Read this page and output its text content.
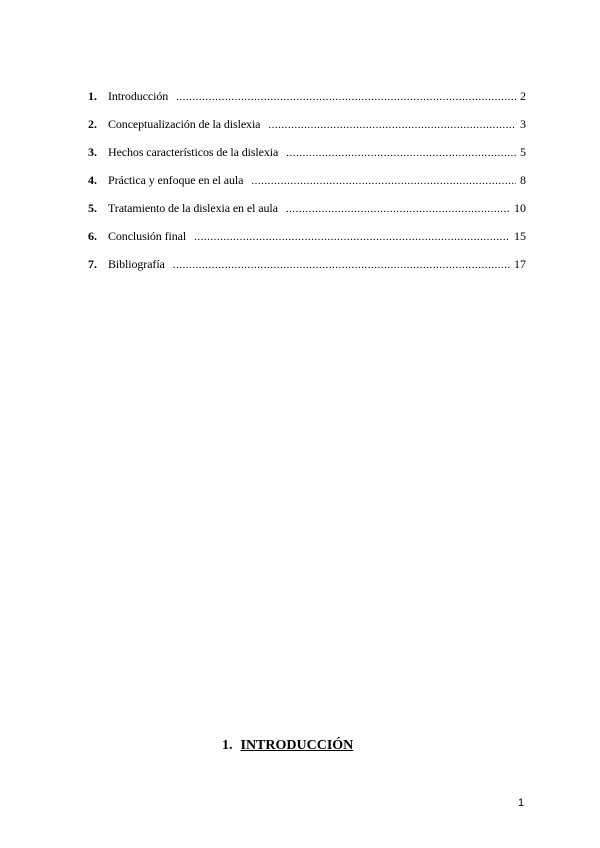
1. Introducción .....	2
2. Conceptualización de la dislexia .....	3
3. Hechos característicos de la dislexia .....	5
4. Práctica y enfoque en el aula .....	8
5. Tratamiento de la dislexia en el aula .....	10
6. Conclusión final .....	15
7. Bibliografía .....	17
1. INTRODUCCIÓN
1
